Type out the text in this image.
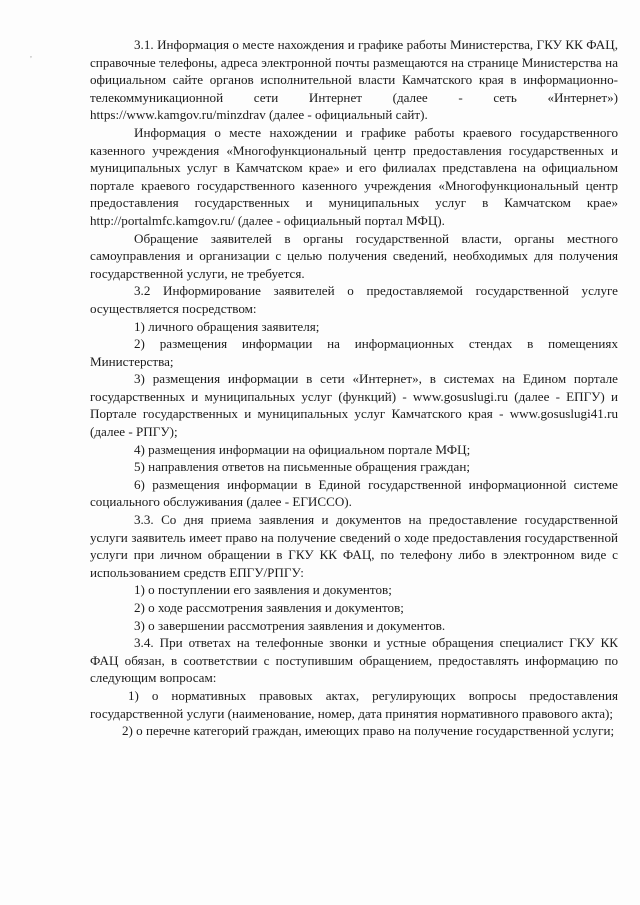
,

3.1. Информация о месте нахождения и графике работы Министерства, ГКУ КК ФАЦ, справочные телефоны, адреса электронной почты размещаются на странице Министерства на официальном сайте органов исполнительной власти Камчатского края в информационно-телекоммуникационной сети Интернет (далее - сеть «Интернет») https://www.kamgov.ru/minzdrav (далее - официальный сайт).

Информация о месте нахождении и графике работы краевого государственного казенного учреждения «Многофункциональный центр предоставления государственных и муниципальных услуг в Камчатском крае» и его филиалах представлена на официальном портале краевого государственного казенного учреждения «Многофункциональный центр предоставления государственных и муниципальных услуг в Камчатском крае» http://portalmfc.kamgov.ru/ (далее - официальный портал МФЦ).

Обращение заявителей в органы государственной власти, органы местного самоуправления и организации с целью получения сведений, необходимых для получения государственной услуги, не требуется.

3.2 Информирование заявителей о предоставляемой государственной услуге осуществляется посредством:

1) личного обращения заявителя;

2) размещения информации на информационных стендах в помещениях Министерства;

3) размещения информации в сети «Интернет», в системах на Едином портале государственных и муниципальных услуг (функций) - www.gosuslugi.ru (далее - ЕПГУ) и Портале государственных и муниципальных услуг Камчатского края - www.gosuslugi41.ru (далее - РПГУ);

4) размещения информации на официальном портале МФЦ;

5) направления ответов на письменные обращения граждан;

6) размещения информации в Единой государственной информационной системе социального обслуживания (далее - ЕГИССО).

3.3. Со дня приема заявления и документов на предоставление государственной услуги заявитель имеет право на получение сведений о ходе предоставления государственной услуги при личном обращении в ГКУ КК ФАЦ, по телефону либо в электронном виде с использованием средств ЕПГУ/РПГУ:

1) о поступлении его заявления и документов;

2) о ходе рассмотрения заявления и документов;

3) о завершении рассмотрения заявления и документов.

3.4. При ответах на телефонные звонки и устные обращения специалист ГКУ КК ФАЦ обязан, в соответствии с поступившим обращением, предоставлять информацию по следующим вопросам:

1) о нормативных правовых актах, регулирующих вопросы предоставления государственной услуги (наименование, номер, дата принятия нормативного правового акта);

2) о перечне категорий граждан, имеющих право на получение государственной услуги;
